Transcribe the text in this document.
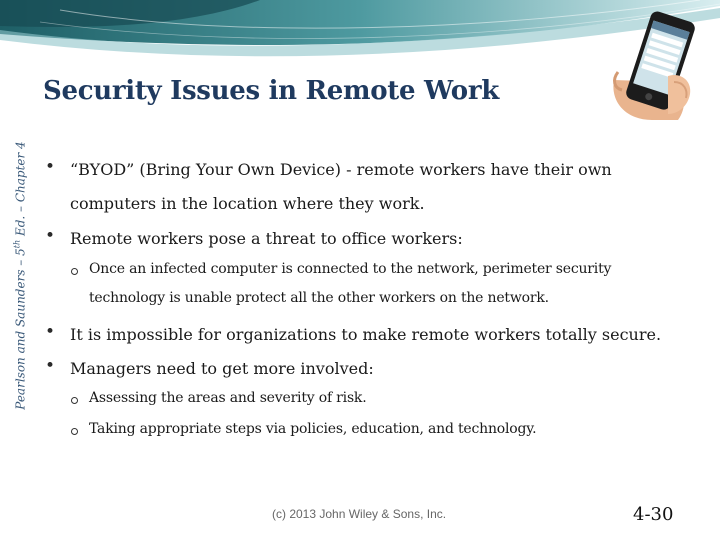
Security Issues in Remote Work
Pearlson and Saunders – 5th Ed. – Chapter 4 • “BYOD” (Bring Your Own Device) - remote workers have their own
computers in the location where they work.
• Remote workers pose a threat to office workers:
Once an infected computer is connected to the network, perimeter security
technology is unable protect all the other workers on the network.
• It is impossible for organizations to make remote workers totally secure.
• Managers need to get more involved:
Assessing the areas and severity of risk.
Taking appropriate steps via policies, education, and technology.
(c) 2013 John Wiley & Sons, Inc.	4-30
